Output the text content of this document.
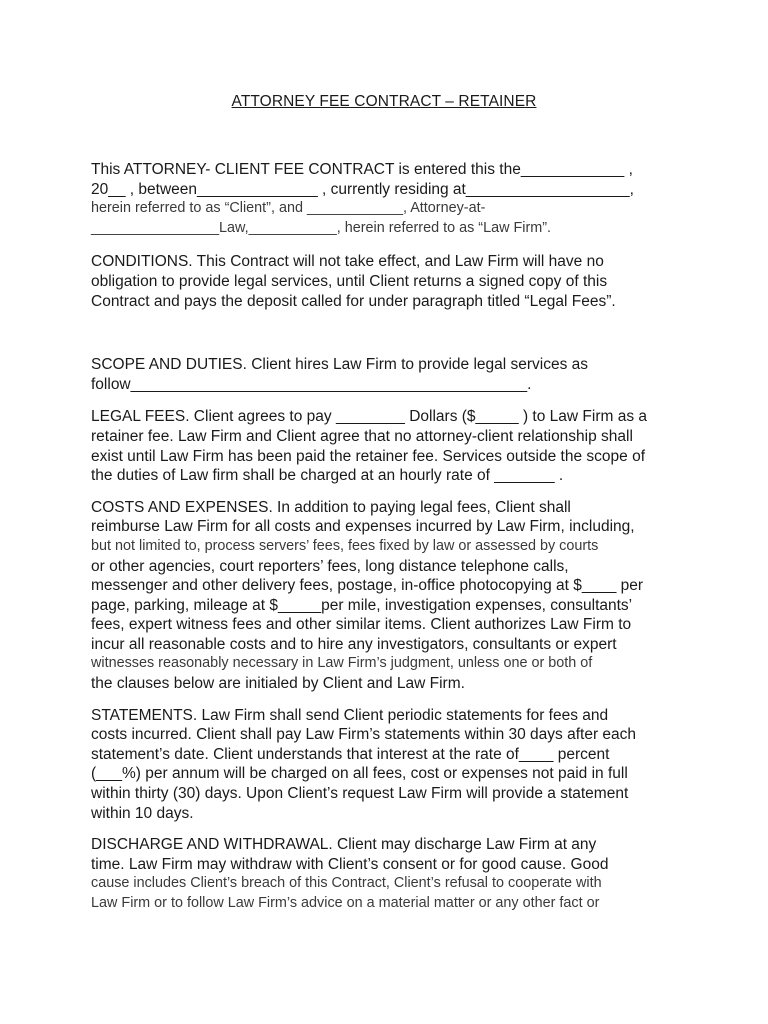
ATTORNEY FEE CONTRACT – RETAINER

This ATTORNEY- CLIENT FEE CONTRACT is entered this the____________ ,
20__ , between______________ , currently residing at___________________,
herein referred to as “Client”, and ____________, Attorney-at-
________________Law,___________, herein referred to as “Law Firm”.

CONDITIONS. This Contract will not take effect, and Law Firm will have no
obligation to provide legal services, until Client returns a signed copy of this
Contract and pays the deposit called for under paragraph titled “Legal Fees”.

SCOPE AND DUTIES. Client hires Law Firm to provide legal services as
follow______________________________________________.

LEGAL FEES. Client agrees to pay ________ Dollars ($_____ ) to Law Firm as a
retainer fee. Law Firm and Client agree that no attorney-client relationship shall
exist until Law Firm has been paid the retainer fee. Services outside the scope of
the duties of Law firm shall be charged at an hourly rate of _______ .

COSTS AND EXPENSES. In addition to paying legal fees, Client shall
reimburse Law Firm for all costs and expenses incurred by Law Firm, including,
but not limited to, process servers’ fees, fees fixed by law or assessed by courts
or other agencies, court reporters’ fees, long distance telephone calls,
messenger and other delivery fees, postage, in-office photocopying at $____ per
page, parking, mileage at $_____per mile, investigation expenses, consultants’
fees, expert witness fees and other similar items. Client authorizes Law Firm to
incur all reasonable costs and to hire any investigators, consultants or expert
witnesses reasonably necessary in Law Firm’s judgment, unless one or both of
the clauses below are initialed by Client and Law Firm.

STATEMENTS. Law Firm shall send Client periodic statements for fees and
costs incurred. Client shall pay Law Firm’s statements within 30 days after each
statement’s date. Client understands that interest at the rate of____ percent
(___%) per annum will be charged on all fees, cost or expenses not paid in full
within thirty (30) days. Upon Client’s request Law Firm will provide a statement
within 10 days.

DISCHARGE AND WITHDRAWAL. Client may discharge Law Firm at any
time. Law Firm may withdraw with Client’s consent or for good cause. Good
cause includes Client’s breach of this Contract, Client’s refusal to cooperate with
Law Firm or to follow Law Firm’s advice on a material matter or any other fact or
